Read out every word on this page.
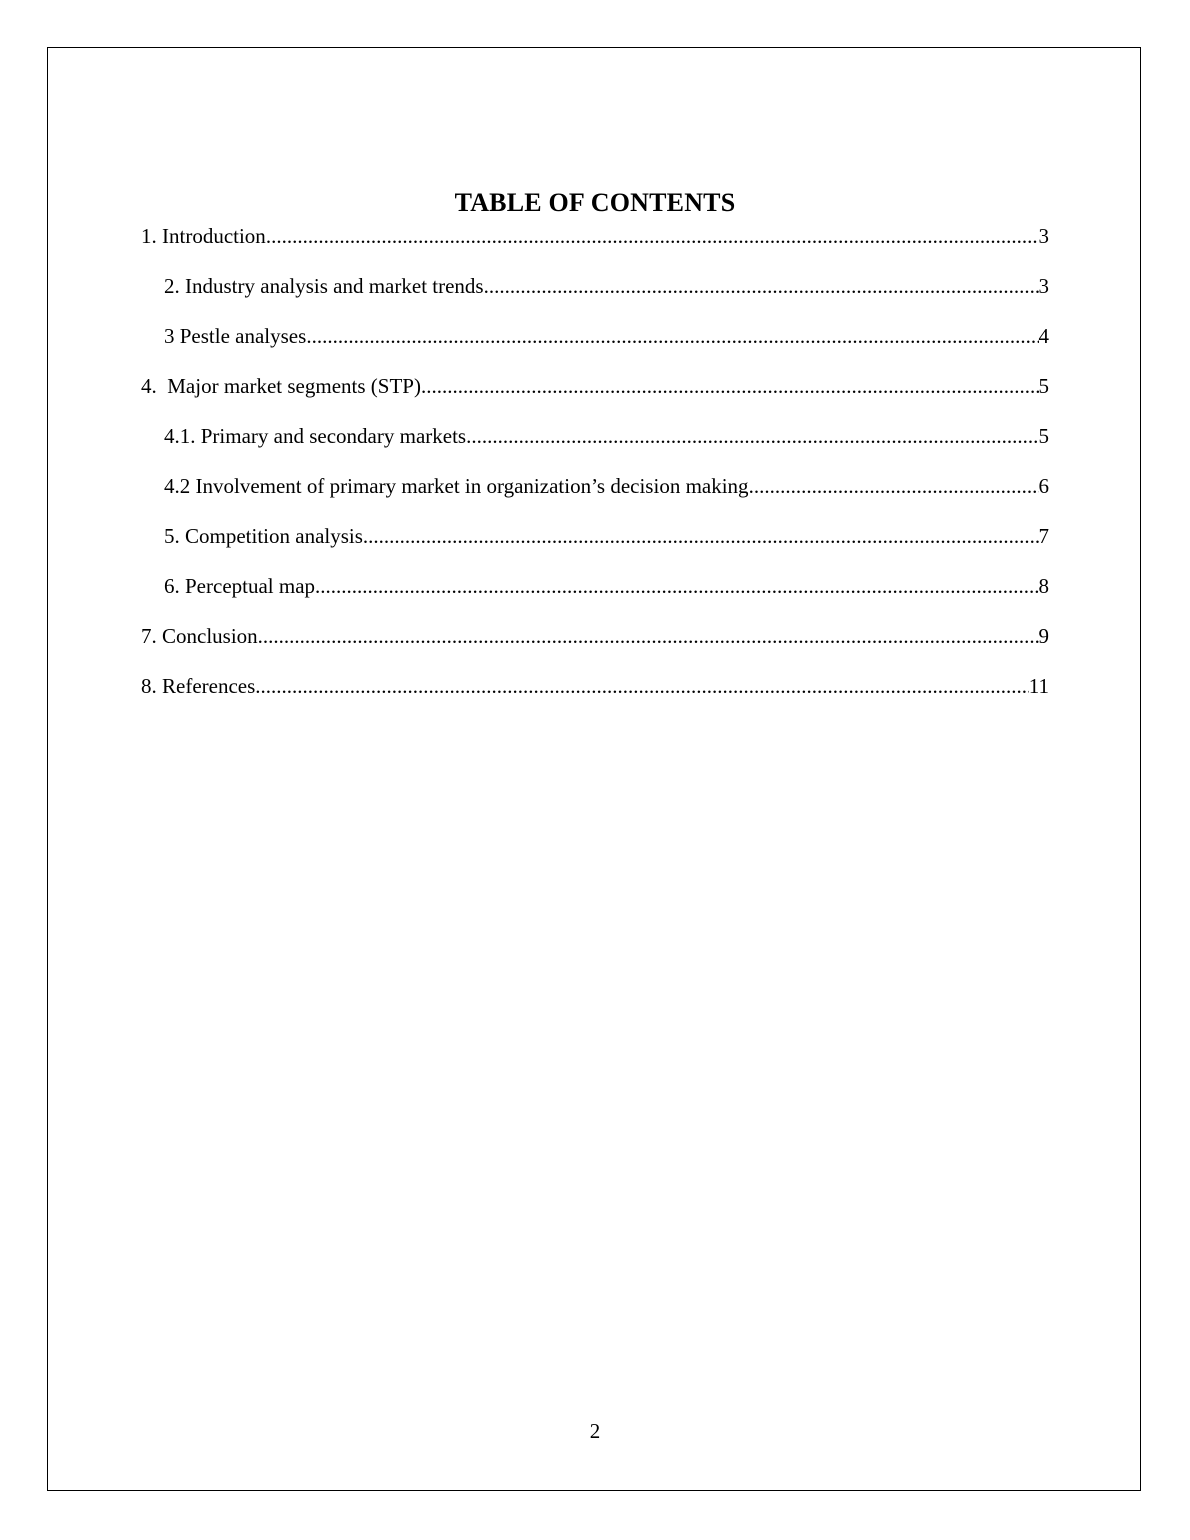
TABLE OF CONTENTS
1. Introduction .....	3
2. Industry analysis and market trends .....	3
3 Pestle analyses .....	4
4.  Major market segments (STP) .....	5
4.1. Primary and secondary markets .....	5
4.2 Involvement of primary market in organization’s decision making .....	6
5. Competition analysis .....	7
6. Perceptual map .....	8
7. Conclusion .....	9
8. References .....	11
2
